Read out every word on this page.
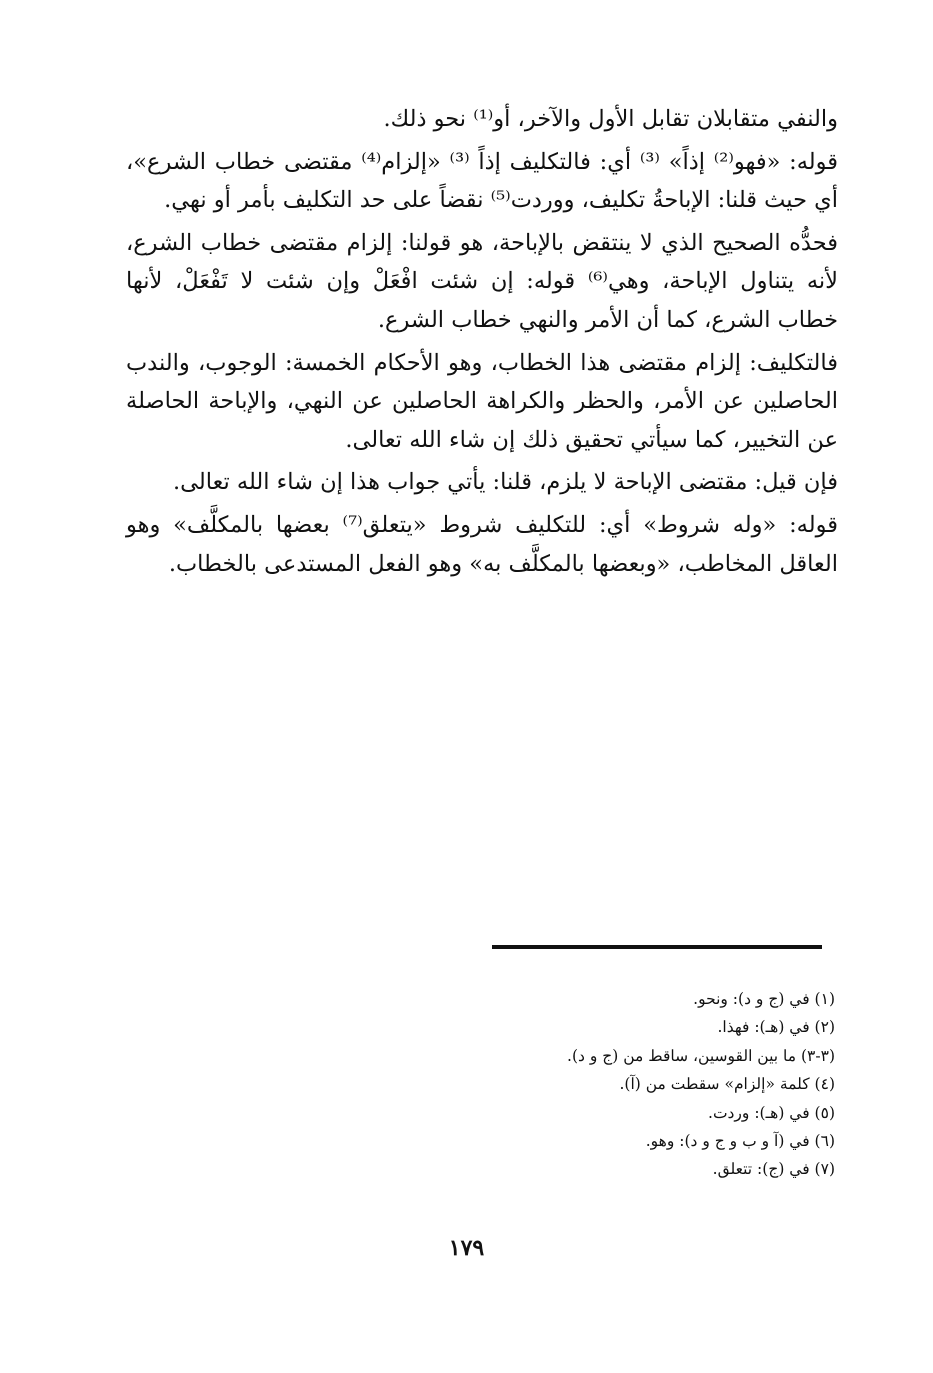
والنفي متقابلان تقابل الأول والآخر، أو⁽¹⁾ نحو ذلك.

قوله: «فهو⁽²⁾ إذاً» ⁽³⁾ أي: فالتكليف إذاً ⁽³⁾ «إلزام⁽⁴⁾ مقتضى خطاب الشرع»، أي حيث قلنا: الإباحةُ تكليف، ووردت⁽⁵⁾ نقضاً على حد التكليف بأمر أو نهي.

فحدُّه الصحيح الذي لا ينتقض بالإباحة، هو قولنا: إلزام مقتضى خطاب الشرع، لأنه يتناول الإباحة، وهي⁽⁶⁾ قوله: إن شئت افْعَلْ وإن شئت لا تَفْعَلْ، لأنها خطاب الشرع، كما أن الأمر والنهي خطاب الشرع.

فالتكليف: إلزام مقتضى هذا الخطاب، وهو الأحكام الخمسة: الوجوب، والندب الحاصلين عن الأمر، والحظر والكراهة الحاصلين عن النهي، والإباحة الحاصلة عن التخيير، كما سيأتي تحقيق ذلك إن شاء الله تعالى.

فإن قيل: مقتضى الإباحة لا يلزم، قلنا: يأتي جواب هذا إن شاء الله تعالى.

قوله: «وله شروط» أي: للتكليف شروط «يتعلق⁽⁷⁾ بعضها بالمكلَّف» وهو العاقل المخاطب، «وبعضها بالمكلَّف به» وهو الفعل المستدعى بالخطاب.

(١) في (ج و د): ونحو.
(٢) في (هـ): فهذا.
(٣-٣) ما بين القوسين، ساقط من (ج و د).
(٤) كلمة «إلزام» سقطت من (آ).
(٥) في (هـ): وردت.
(٦) في (آ و ب و ج و د): وهو.
(٧) في (ج): تتعلق.
١٧٩
